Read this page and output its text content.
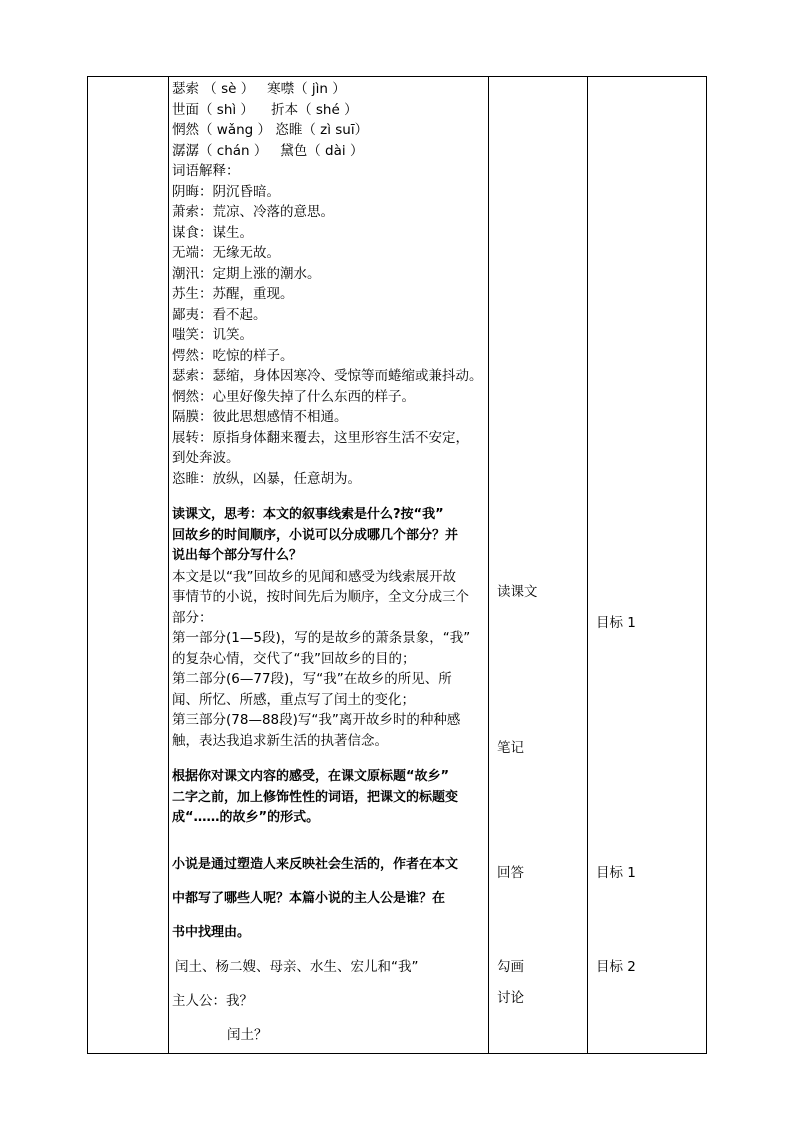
瑟索 （ sè ） 寒噤（ jìn ）
世面（ shì ） 折本（ shé ）
惘然（ wǎng ） 恣睢（ zì suī）
潺潺（ chán ） 黛色（ dài ）
词语解释：
阴晦：阴沉昏暗。
萧索：荒凉、冷落的意思。
谋食：谋生。
无端：无缘无故。
潮汛：定期上涨的潮水。
苏生：苏醒，重现。
鄙夷：看不起。
嗤笑：讥笑。
愕然：吃惊的样子。
瑟索：瑟缩，身体因寒冷、受惊等而蜷缩或兼抖动。
惘然：心里好像失掉了什么东西的样子。
隔膜：彼此思想感情不相通。
展转：原指身体翻来覆去，这里形容生活不安定，
到处奔波。
恣睢：放纵，凶暴，任意胡为。
读课文，思考：本文的叙事线索是什么?按“我”
回故乡的时间顺序，小说可以分成哪几个部分？并
说出每个部分写什么？
本文是以“我”回故乡的见闻和感受为线索展开故
事情节的小说，按时间先后为顺序，全文分成三个
部分：
第一部分(1—5段)，写的是故乡的萧条景象，“我”
的复杂心情，交代了“我”回故乡的目的；
第二部分(6—77段)，写“我”在故乡的所见、所
闻、所忆、所感，重点写了闰土的变化；
第三部分(78—88段)写“我”离开故乡时的种种感
触，表达我追求新生活的执著信念。
根据你对课文内容的感受，在课文原标题“故乡”
二字之前，加上修饰性性的词语，把课文的标题变
成“……的故乡”的形式。
小说是通过塑造人来反映社会生活的，作者在本文
中都写了哪些人呢？本篇小说的主人公是谁？在
书中找理由。
闰土、杨二嫂、母亲、水生、宏儿和“我”
主人公：我？
闰土？
读课文
笔记
回答
勾画
讨论
目标 1
目标 1
目标 2
